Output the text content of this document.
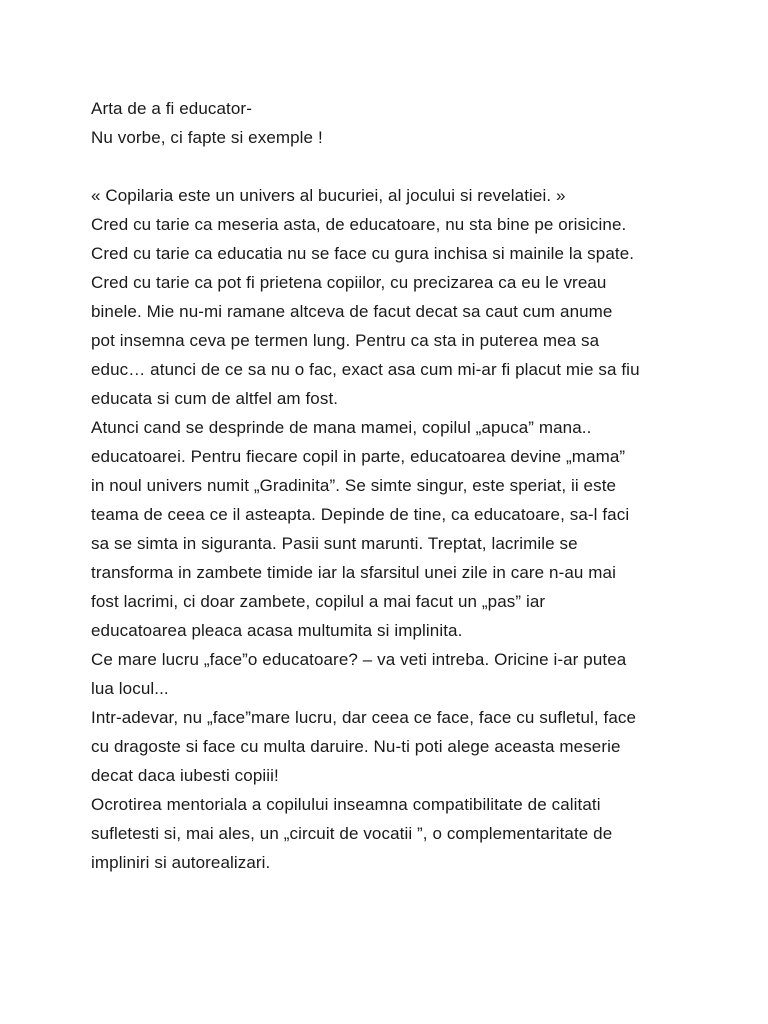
Arta de a fi educator-
Nu vorbe, ci fapte si exemple !
« Copilaria este un univers al bucuriei, al jocului si revelatiei. »
Cred cu tarie ca meseria asta, de educatoare, nu sta bine pe orisicine.
Cred cu tarie ca educatia nu se face cu gura inchisa si mainile la spate.
Cred cu tarie ca pot fi prietena copiilor, cu precizarea ca eu le vreau
binele. Mie nu-mi ramane altceva de facut decat sa caut cum anume
pot insemna ceva pe termen lung. Pentru ca sta in puterea mea sa
educ… atunci de ce sa nu o fac, exact asa cum mi-ar fi placut mie sa fiu
educata si cum de altfel am fost.
Atunci cand se desprinde de mana mamei, copilul „apuca” mana..
educatoarei. Pentru fiecare copil in parte, educatoarea devine „mama”
in noul univers numit „Gradinita”. Se simte singur, este speriat, ii este
teama de ceea ce il asteapta. Depinde de tine, ca educatoare, sa-l faci
sa se simta in siguranta. Pasii sunt marunti. Treptat, lacrimile se
transforma in zambete timide iar la sfarsitul unei zile in care n-au mai
fost lacrimi, ci doar zambete, copilul a mai facut un „pas” iar
educatoarea pleaca acasa multumita si implinita.
Ce mare lucru „face”o educatoare? – va veti intreba. Oricine i-ar putea
lua locul...
Intr-adevar, nu „face”mare lucru, dar ceea ce face, face cu sufletul, face
cu dragoste si face cu multa daruire. Nu-ti poti alege aceasta meserie
decat daca iubesti copiii!
Ocrotirea mentoriala a copilului inseamna compatibilitate de calitati
sufletesti si, mai ales, un „circuit de vocatii ”, o complementaritate de
impliniri si autorealizari.
